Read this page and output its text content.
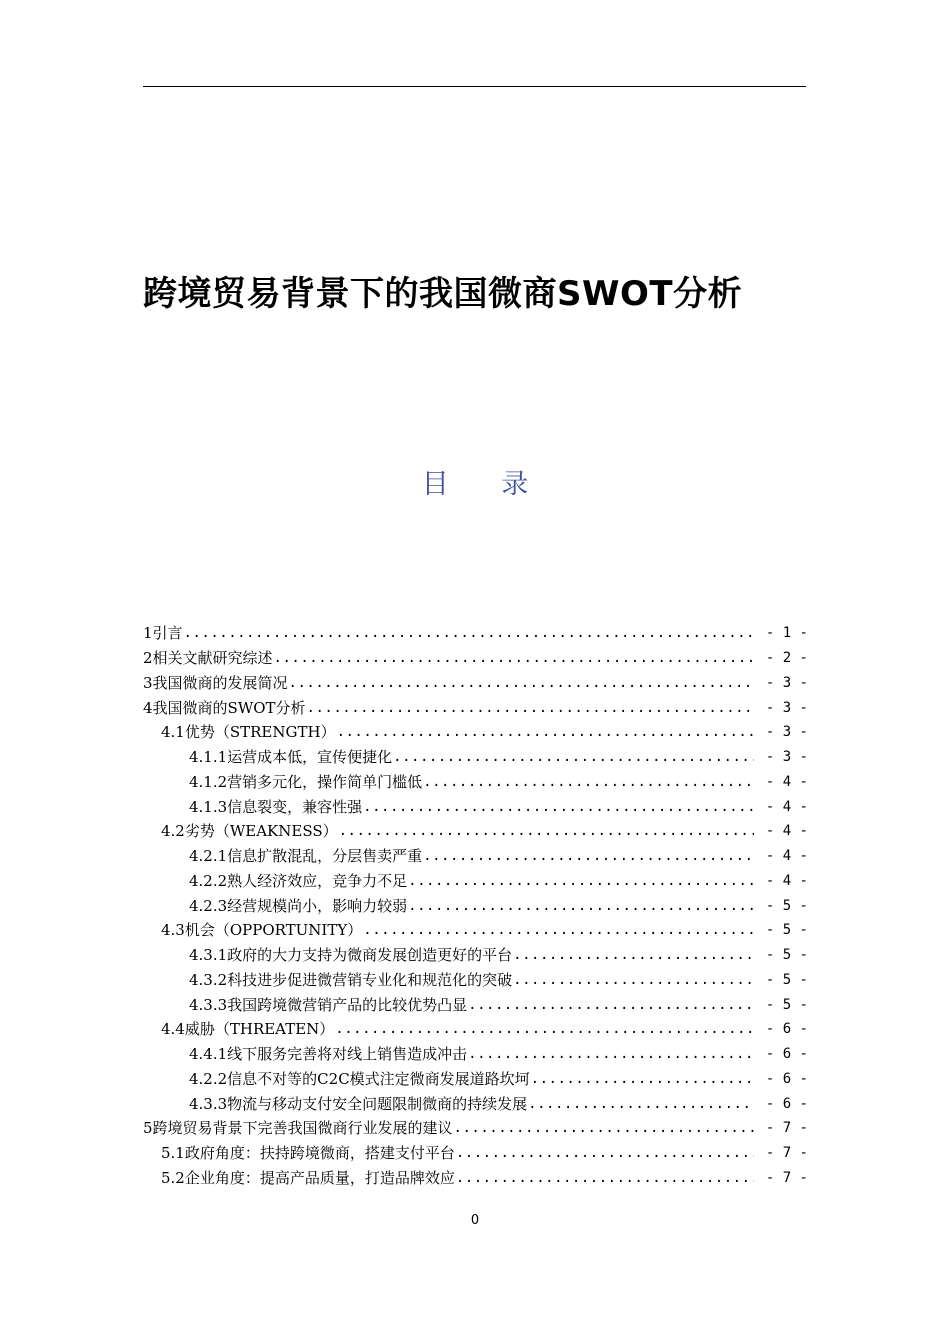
跨境贸易背景下的我国微商SWOT分析
目 录
1引言 .....	- 1 -
2相关文献研究综述 .....	- 2 -
3我国微商的发展简况 .....	- 3 -
4我国微商的SWOT分析 .....	- 3 -
4.1优势（STRENGTH） .....	- 3 -
4.1.1运营成本低，宣传便捷化 .....	- 3 -
4.1.2营销多元化，操作简单门槛低 .....	- 4 -
4.1.3信息裂变，兼容性强 .....	- 4 -
4.2劣势（WEAKNESS） .....	- 4 -
4.2.1信息扩散混乱，分层售卖严重 .....	- 4 -
4.2.2熟人经济效应，竞争力不足 .....	- 4 -
4.2.3经营规模尚小，影响力较弱 .....	- 5 -
4.3机会（OPPORTUNITY） .....	- 5 -
4.3.1政府的大力支持为微商发展创造更好的平台 .....	- 5 -
4.3.2科技进步促进微营销专业化和规范化的突破 .....	- 5 -
4.3.3我国跨境微营销产品的比较优势凸显 .....	- 5 -
4.4威胁（THREATEN） .....	- 6 -
4.4.1线下服务完善将对线上销售造成冲击 .....	- 6 -
4.2.2信息不对等的C2C模式注定微商发展道路坎坷 .....	- 6 -
4.3.3物流与移动支付安全问题限制微商的持续发展 .....	- 6 -
5跨境贸易背景下完善我国微商行业发展的建议 .....	- 7 -
5.1政府角度：扶持跨境微商，搭建支付平台 .....	- 7 -
5.2企业角度：提高产品质量，打造品牌效应 .....	- 7 -
0
